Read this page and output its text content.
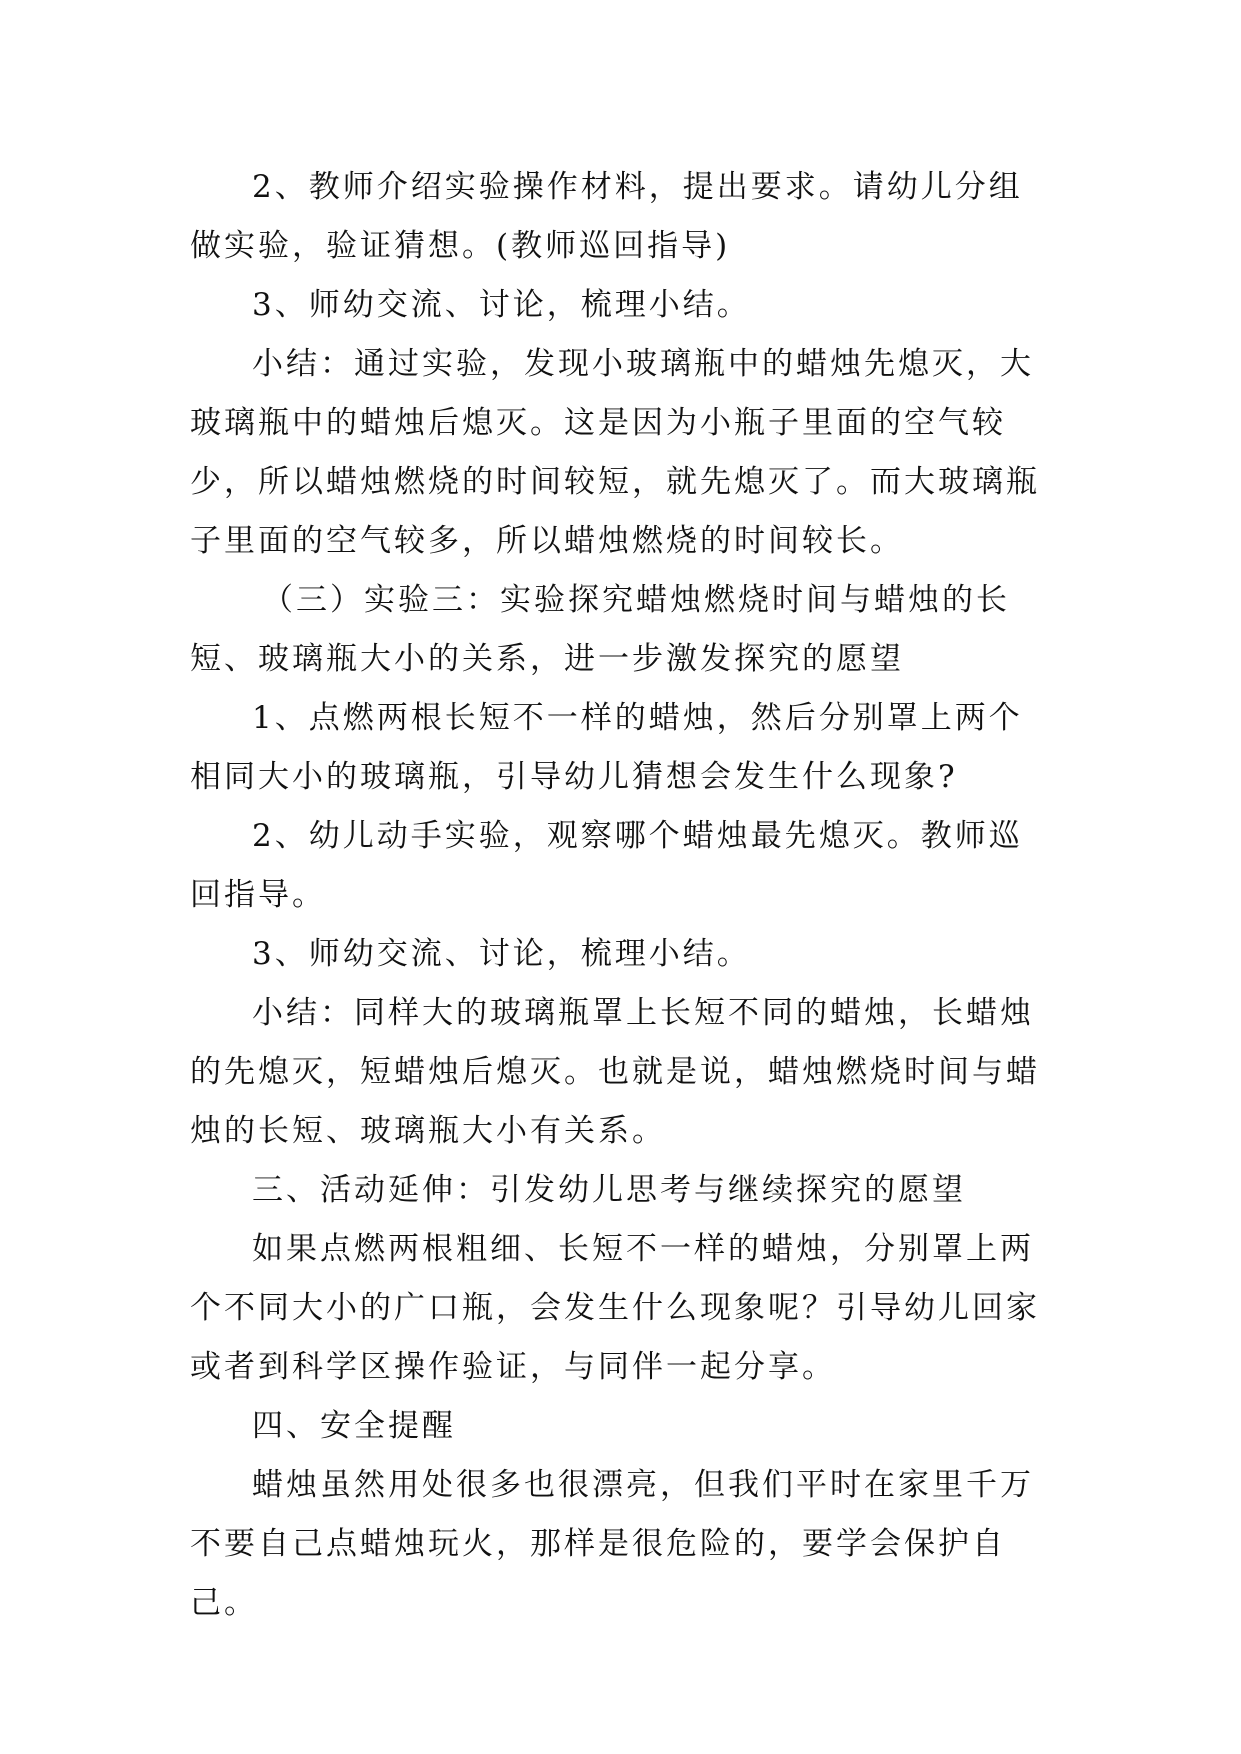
2、教师介绍实验操作材料，提出要求。请幼儿分组做实验，验证猜想。(教师巡回指导)

3、师幼交流、讨论，梳理小结。

小结：通过实验，发现小玻璃瓶中的蜡烛先熄灭，大玻璃瓶中的蜡烛后熄灭。这是因为小瓶子里面的空气较少，所以蜡烛燃烧的时间较短，就先熄灭了。而大玻璃瓶子里面的空气较多，所以蜡烛燃烧的时间较长。

（三）实验三：实验探究蜡烛燃烧时间与蜡烛的长短、玻璃瓶大小的关系，进一步激发探究的愿望

1、点燃两根长短不一样的蜡烛，然后分别罩上两个相同大小的玻璃瓶，引导幼儿猜想会发生什么现象?

2、幼儿动手实验，观察哪个蜡烛最先熄灭。教师巡回指导。

3、师幼交流、讨论，梳理小结。

小结：同样大的玻璃瓶罩上长短不同的蜡烛，长蜡烛的先熄灭，短蜡烛后熄灭。也就是说，蜡烛燃烧时间与蜡烛的长短、玻璃瓶大小有关系。

三、活动延伸：引发幼儿思考与继续探究的愿望

如果点燃两根粗细、长短不一样的蜡烛，分别罩上两个不同大小的广口瓶，会发生什么现象呢？引导幼儿回家或者到科学区操作验证，与同伴一起分享。

四、安全提醒

蜡烛虽然用处很多也很漂亮，但我们平时在家里千万不要自己点蜡烛玩火，那样是很危险的，要学会保护自己。
